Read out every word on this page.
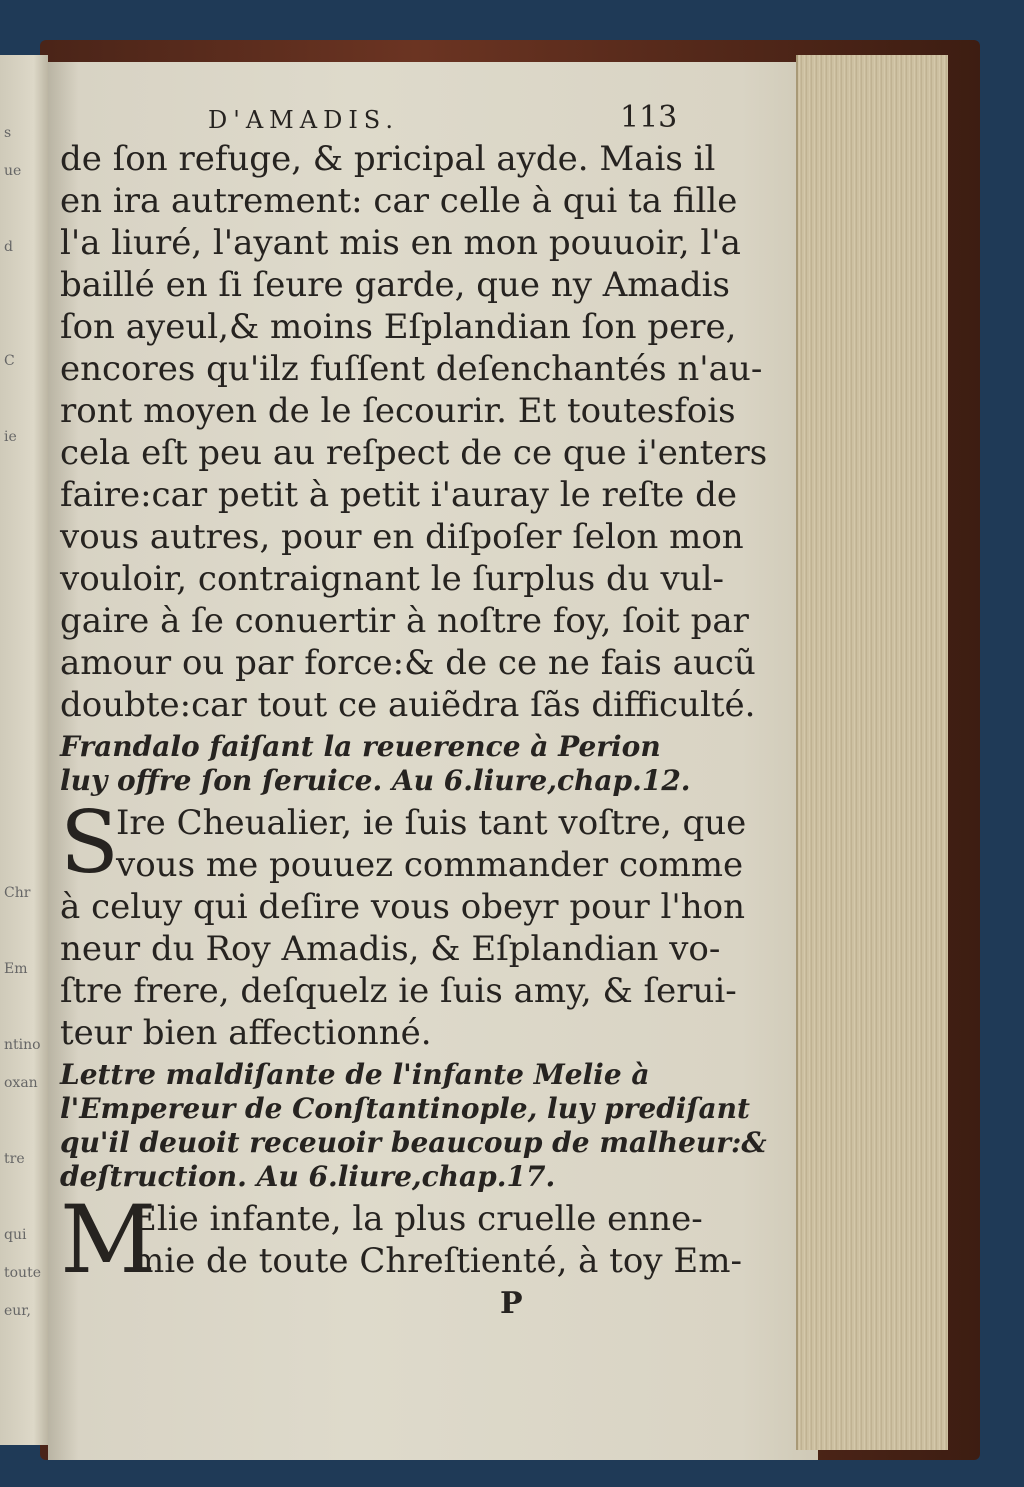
s
ue
d
C
ie
Chr
Em
ntino
oxan
tre
qui
toute
eur,
D'AMADIS.	113
de ſon refuge, & pricipal ayde. Mais il
en ira autrement: car celle à qui ta fille
l'a liuré, l'ayant mis en mon pouuoir, l'a
baillé en ſi ſeure garde, que ny Amadis
ſon ayeul,& moins Eſplandian ſon pere,
encores qu'ilz fuſſent deſenchantés n'au-
ront moyen de le ſecourir. Et toutesfois
cela eſt peu au reſpect de ce que i'enters
faire:car petit à petit i'auray le reſte de
vous autres, pour en diſpoſer ſelon mon
vouloir, contraignant le ſurplus du vul-
gaire à ſe conuertir à noſtre foy, ſoit par
amour ou par force:& de ce ne fais aucũ
doubte:car tout ce auiẽdra ſãs difficulté.
Frandalo faiſant la reuerence à Perion
luy offre ſon ſeruice. Au 6.liure,chap.12.
S
Ire Cheualier, ie ſuis tant voſtre, que
vous me pouuez commander comme
à celuy qui deſire vous obeyr pour l'hon
neur du Roy Amadis, & Eſplandian vo-
ſtre frere, deſquelz ie ſuis amy, & ſerui-
teur bien affectionné.
Lettre maldiſante de l'infante Melie à
l'Empereur de Conſtantinople, luy prediſant
qu'il deuoit receuoir beaucoup de malheur:&
deſtruction. Au 6.liure,chap.17.
M
Elie infante, la plus cruelle enne-
mie de toute Chreſtienté, à toy Em-
P
